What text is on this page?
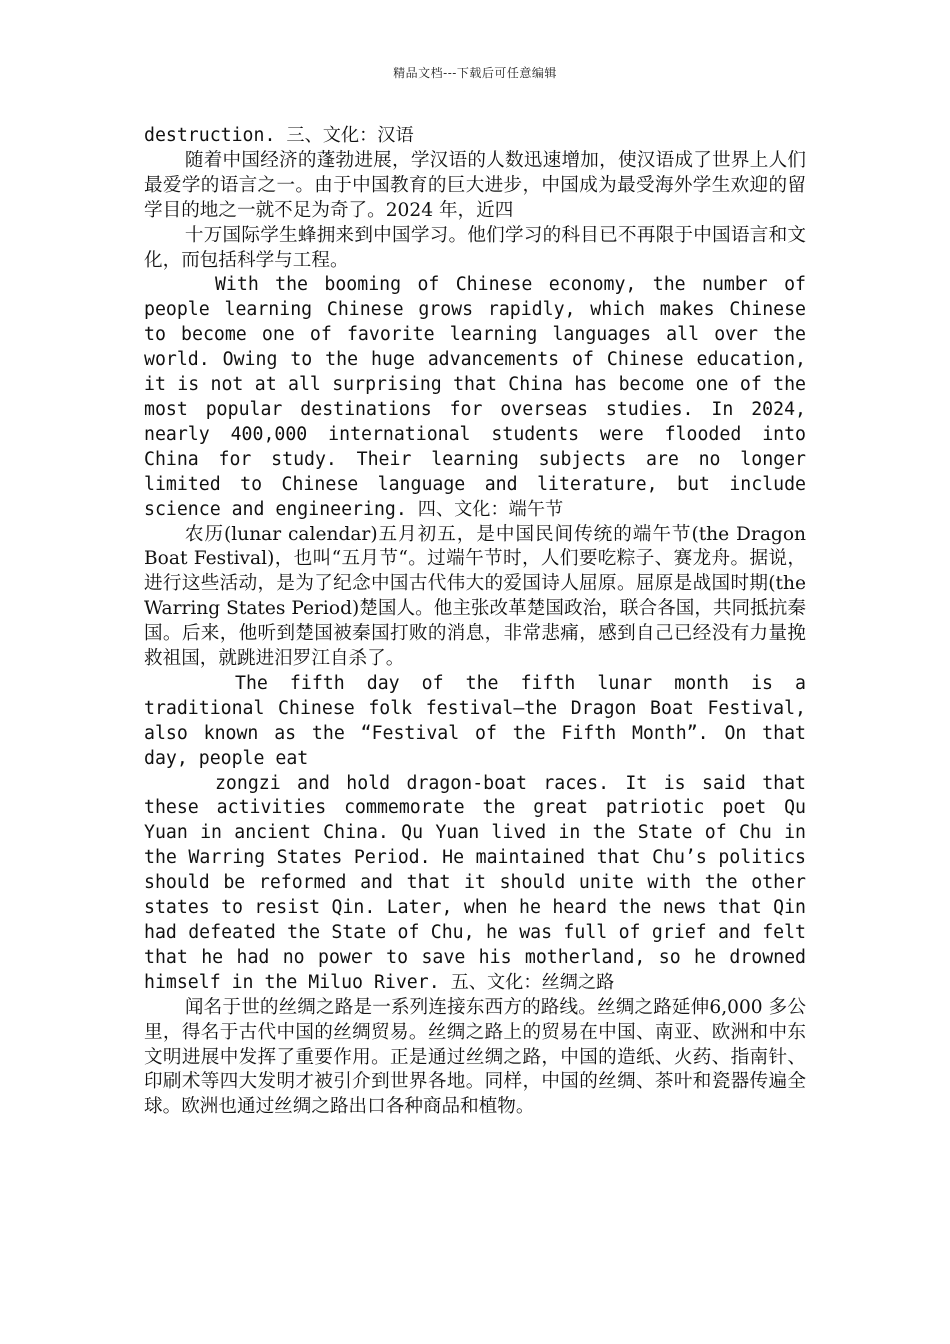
精品文档---下载后可任意编辑

destruction. 三、文化：汉语

随着中国经济的蓬勃进展，学汉语的人数迅速增加，使汉语成了世界上人们最爱学的语言之一。由于中国教育的巨大进步，中国成为最受海外学生欢迎的留学目的地之一就不足为奇了。2024 年，近四

十万国际学生蜂拥来到中国学习。他们学习的科目已不再限于中国语言和文化，而包括科学与工程。

With the booming of Chinese economy, the number of people learning Chinese grows rapidly, which makes Chinese to become one of favorite learning languages all over the world. Owing to the huge advancements of Chinese education, it is not at all surprising that China has become one of the most popular destinations for overseas studies. In 2024, nearly 400,000 international students were flooded into China for study. Their learning subjects are no longer limited to Chinese language and literature, but include science and engineering. 四、文化：端午节

农历(lunar calendar)五月初五，是中国民间传统的端午节(the Dragon Boat Festival)，也叫“五月节“。过端午节时，人们要吃粽子、赛龙舟。据说，进行这些活动，是为了纪念中国古代伟大的爱国诗人屈原。屈原是战国时期(the Warring States Period)楚国人。他主张改革楚国政治，联合各国，共同抵抗秦国。后来，他听到楚国被秦国打败的消息，非常悲痛，感到自己已经没有力量挽救祖国，就跳进汨罗江自杀了。

The fifth day of the fifth lunar month is a traditional Chinese folk festival—the Dragon Boat Festival, also known as the “Festival of the Fifth Month”. On that day, people eat

zongzi and hold dragon-boat races. It is said that these activities commemorate the great patriotic poet Qu Yuan in ancient China. Qu Yuan lived in the State of Chu in the Warring States Period. He maintained that Chu’s politics should be reformed and that it should unite with the other states to resist Qin. Later, when he heard the news that Qin had defeated the State of Chu, he was full of grief and felt that he had no power to save his motherland, so he drowned himself in the Miluo River. 五、文化：丝绸之路

闻名于世的丝绸之路是一系列连接东西方的路线。丝绸之路延伸6,000 多公里，得名于古代中国的丝绸贸易。丝绸之路上的贸易在中国、南亚、欧洲和中东文明进展中发挥了重要作用。正是通过丝绸之路，中国的造纸、火药、指南针、印刷术等四大发明才被引介到世界各地。同样，中国的丝绸、茶叶和瓷器传遍全球。欧洲也通过丝绸之路出口各种商品和植物。
